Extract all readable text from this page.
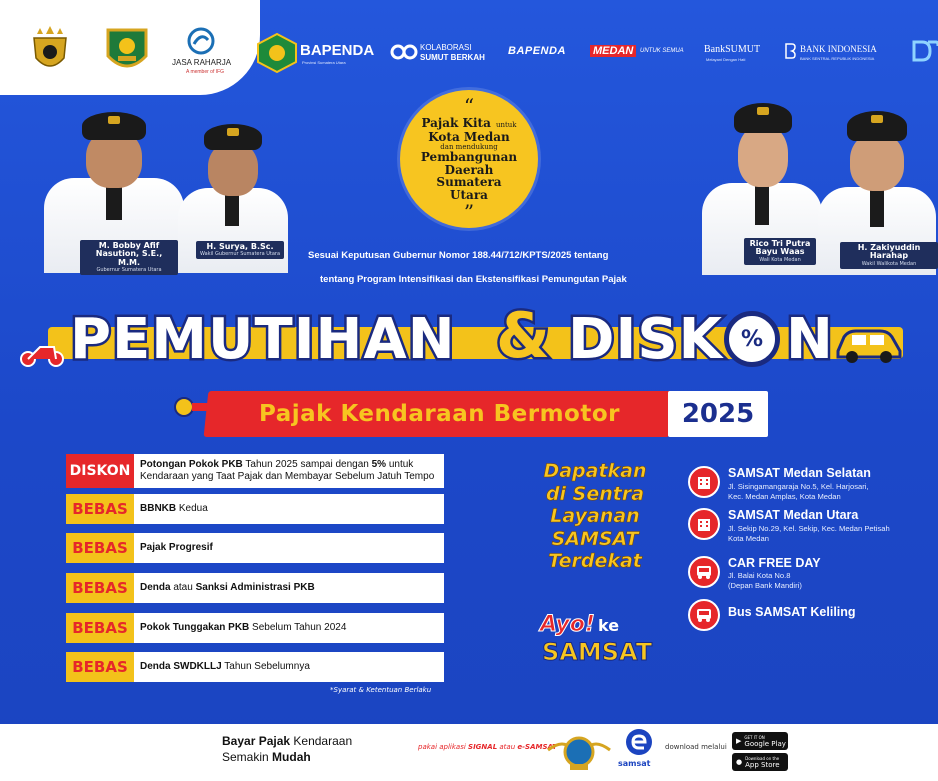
JASA RAHARJA
A member of IFG
BAPENDA
Provinsi Sumatera Utara
KOLABORASI
SUMUT BERKAH
BAPENDA MEDAN	UNTUK SEMUA BankSUMUT
Melayani Dengan Hati
BANK INDONESIA
BANK SENTRAL REPUBLIK INDONESIA
“
Pajak Kita untuk
Kota Medan
dan mendukung
Pembangunan
Daerah
Sumatera
Utara
”
M. Bobby Afif Nasution, S.E., M.M.
Gubernur Sumatera Utara
H. Surya, B.Sc.
Wakil Gubernur Sumatera Utara
Rico Tri Putra Bayu Waas
Wali Kota Medan
H. Zakiyuddin Harahap
Wakil Walikota Medan
Sesuai Keputusan Gubernur Nomor 188.44/712/KPTS/2025 tentang
tentang Program Intensifikasi dan Ekstensifikasi Pemungutan Pajak
PEMUTIHAN & DISK % N
Pajak Kendaraan Bermotor	2025
DISKON Potongan Pokok PKB Tahun 2025 sampai dengan 5% untuk
Kendaraan yang Taat Pajak dan Membayar Sebelum Jatuh Tempo
BEBAS	BBNKB Kedua
BEBAS	Pajak Progresif
BEBAS	Denda atau Sanksi Administrasi PKB
BEBAS	Pokok Tunggakan PKB Sebelum Tahun 2024
BEBAS	Denda SWDKLLJ Tahun Sebelumnya
*Syarat & Ketentuan Berlaku
Dapatkan
di Sentra
Layanan
SAMSAT
Terdekat
Ayo! ke
SAMSAT
SAMSAT Medan Selatan
Jl. Sisingamangaraja No.5, Kel. Harjosari,
Kec. Medan Amplas, Kota Medan
SAMSAT Medan Utara
Jl. Sekip No.29, Kel. Sekip, Kec. Medan Petisah
Kota Medan
CAR FREE DAY
Jl. Balai Kota No.8
(Depan Bank Mandiri)
Bus SAMSAT Keliling
Bayar Pajak Kendaraan
Semakin Mudah
pakai aplikasi SIGNAL atau e-SAMSAT
samsat
download melalui
▶ GET IT ON
Google Play
● Download on the
App Store
